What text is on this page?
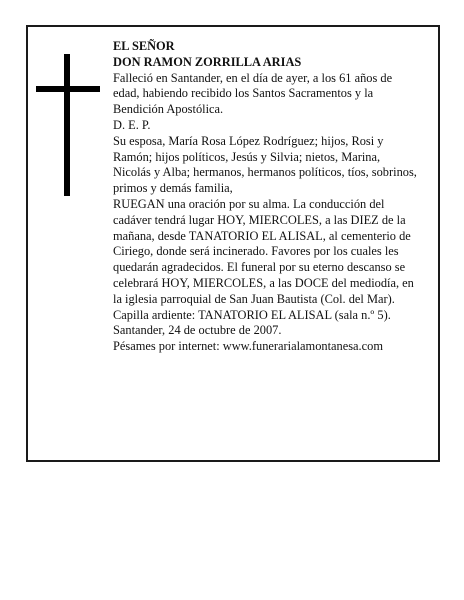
EL SEÑOR

DON RAMON ZORRILLA ARIAS

Falleció en Santander, en el día de ayer, a los 61 años de edad, habiendo recibido los Santos Sacramentos y la Bendición Apostólica.

D. E. P.

Su esposa, María Rosa López Rodríguez; hijos, Rosi y Ramón; hijos políticos, Jesús y Silvia; nietos, Marina, Nicolás y Alba; hermanos, hermanos políticos, tíos, sobrinos, primos y demás familia,

RUEGAN una oración por su alma. La conducción del cadáver tendrá lugar HOY, MIERCOLES, a las DIEZ de la mañana, desde TANATORIO EL ALISAL, al cementerio de Ciriego, donde será incinerado. Favores por los cuales les quedarán agradecidos. El funeral por su eterno descanso se celebrará HOY, MIERCOLES, a las DOCE del mediodía, en la iglesia parroquial de San Juan Bautista (Col. del Mar).

Capilla ardiente: TANATORIO EL ALISAL (sala n.º 5).

Santander, 24 de octubre de 2007.

Pésames por internet: www.funerarialamontanesa.com
